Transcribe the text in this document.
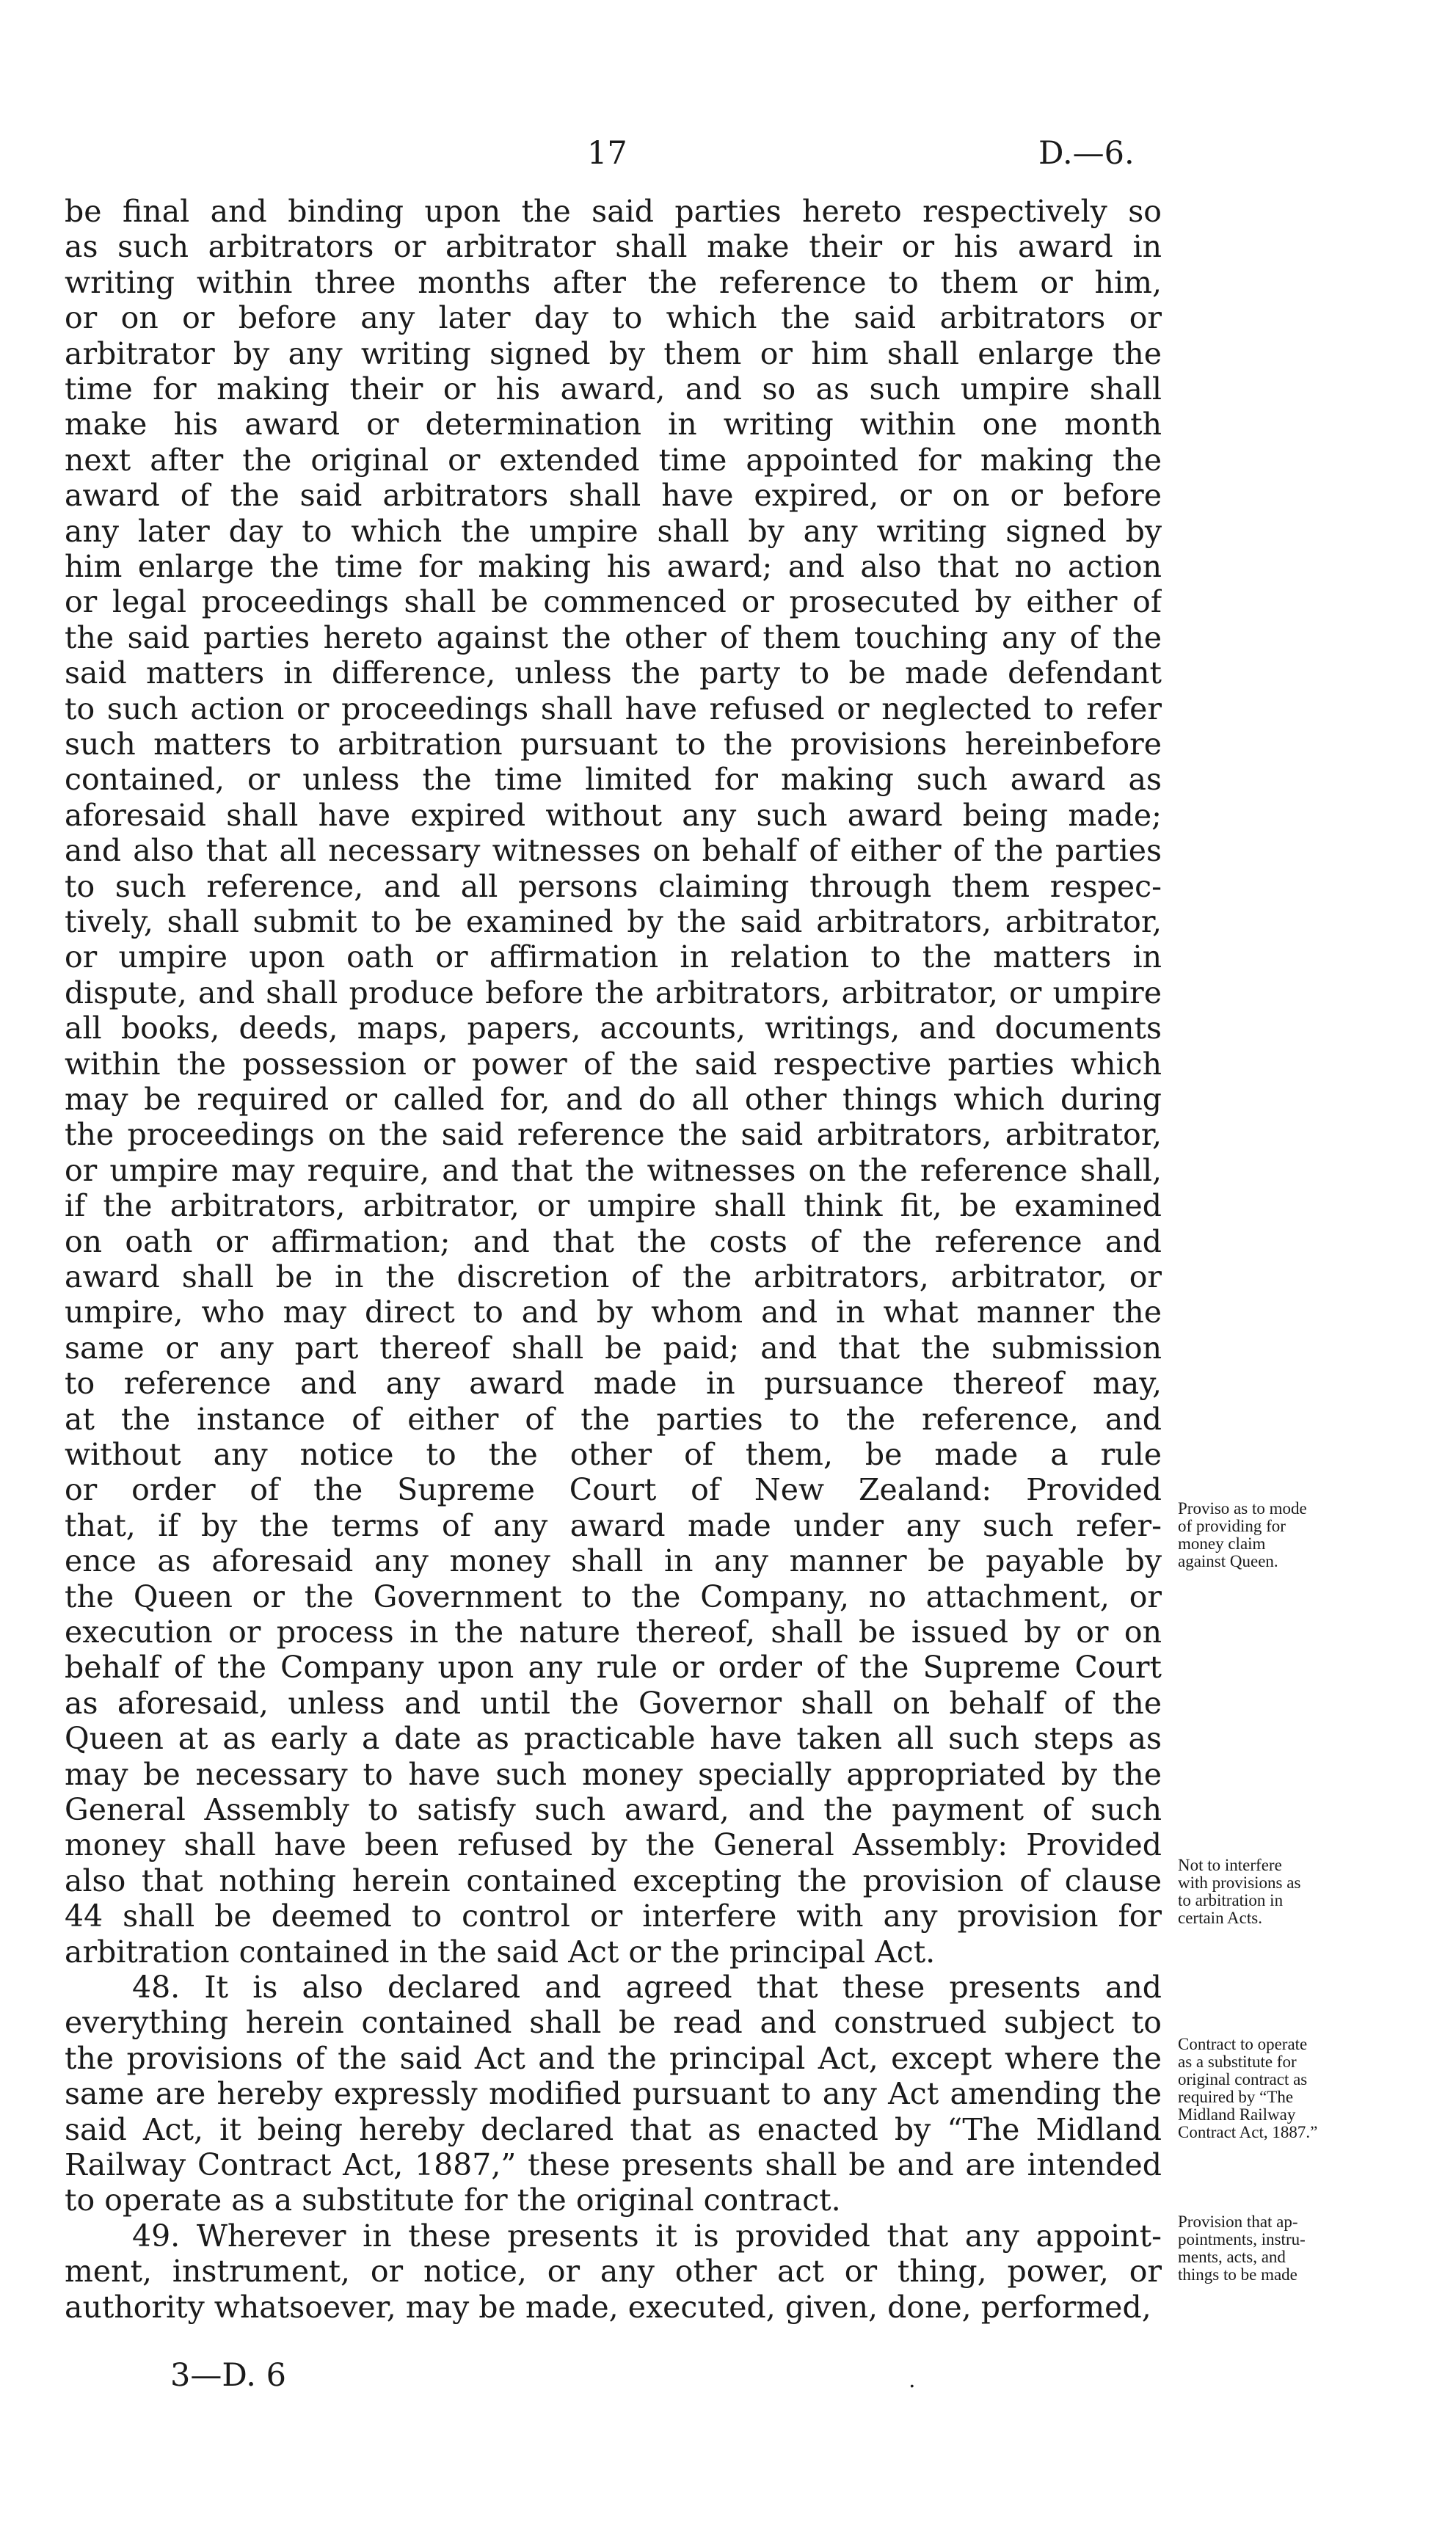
17	D.—6.
be final and binding upon the said parties hereto respectively so
as such arbitrators or arbitrator shall make their or his award in
writing within three months after the reference to them or him,
or on or before any later day to which the said arbitrators or
arbitrator by any writing signed by them or him shall enlarge the
time for making their or his award, and so as such umpire shall
make his award or determination in writing within one month
next after the original or extended time appointed for making the
award of the said arbitrators shall have expired, or on or before
any later day to which the umpire shall by any writing signed by
him enlarge the time for making his award; and also that no action
or legal proceedings shall be commenced or prosecuted by either of
the said parties hereto against the other of them touching any of the
said matters in difference, unless the party to be made defendant
to such action or proceedings shall have refused or neglected to refer
such matters to arbitration pursuant to the provisions hereinbefore
contained, or unless the time limited for making such award as
aforesaid shall have expired without any such award being made;
and also that all necessary witnesses on behalf of either of the parties
to such reference, and all persons claiming through them respec-
tively, shall submit to be examined by the said arbitrators, arbitrator,
or umpire upon oath or affirmation in relation to the matters in
dispute, and shall produce before the arbitrators, arbitrator, or umpire
all books, deeds, maps, papers, accounts, writings, and documents
within the possession or power of the said respective parties which
may be required or called for, and do all other things which during
the proceedings on the said reference the said arbitrators, arbitrator,
or umpire may require, and that the witnesses on the reference shall,
if the arbitrators, arbitrator, or umpire shall think fit, be examined
on oath or affirmation; and that the costs of the reference and
award shall be in the discretion of the arbitrators, arbitrator, or
umpire, who may direct to and by whom and in what manner the
same or any part thereof shall be paid; and that the submission
to reference and any award made in pursuance thereof may,
at the instance of either of the parties to the reference, and
without any notice to the other of them, be made a rule
or order of the Supreme Court of New Zealand: Provided
that, if by the terms of any award made under any such refer-
ence as aforesaid any money shall in any manner be payable by
the Queen or the Government to the Company, no attachment, or
execution or process in the nature thereof, shall be issued by or on
behalf of the Company upon any rule or order of the Supreme Court
as aforesaid, unless and until the Governor shall on behalf of the
Queen at as early a date as practicable have taken all such steps as
may be necessary to have such money specially appropriated by the
General Assembly to satisfy such award, and the payment of such
money shall have been refused by the General Assembly: Provided
also that nothing herein contained excepting the provision of clause
44 shall be deemed to control or interfere with any provision for
arbitration contained in the said Act or the principal Act.
48. It is also declared and agreed that these presents and
everything herein contained shall be read and construed subject to
the provisions of the said Act and the principal Act, except where the
same are hereby expressly modified pursuant to any Act amending the
said Act, it being hereby declared that as enacted by “The Midland
Railway Contract Act, 1887,” these presents shall be and are intended
to operate as a substitute for the original contract.
49. Wherever in these presents it is provided that any appoint-
ment, instrument, or notice, or any other act or thing, power, or
authority whatsoever, may be made, executed, given, done, performed,
Proviso as to mode
of providing for
money claim
against Queen.
Not to interfere
with provisions as
to arbitration in
certain Acts.
Contract to operate
as a substitute for
original contract as
required by “The
Midland Railway
Contract Act, 1887.”
Provision that ap-
pointments, instru-
ments, acts, and
things to be made
3—D. 6	.
